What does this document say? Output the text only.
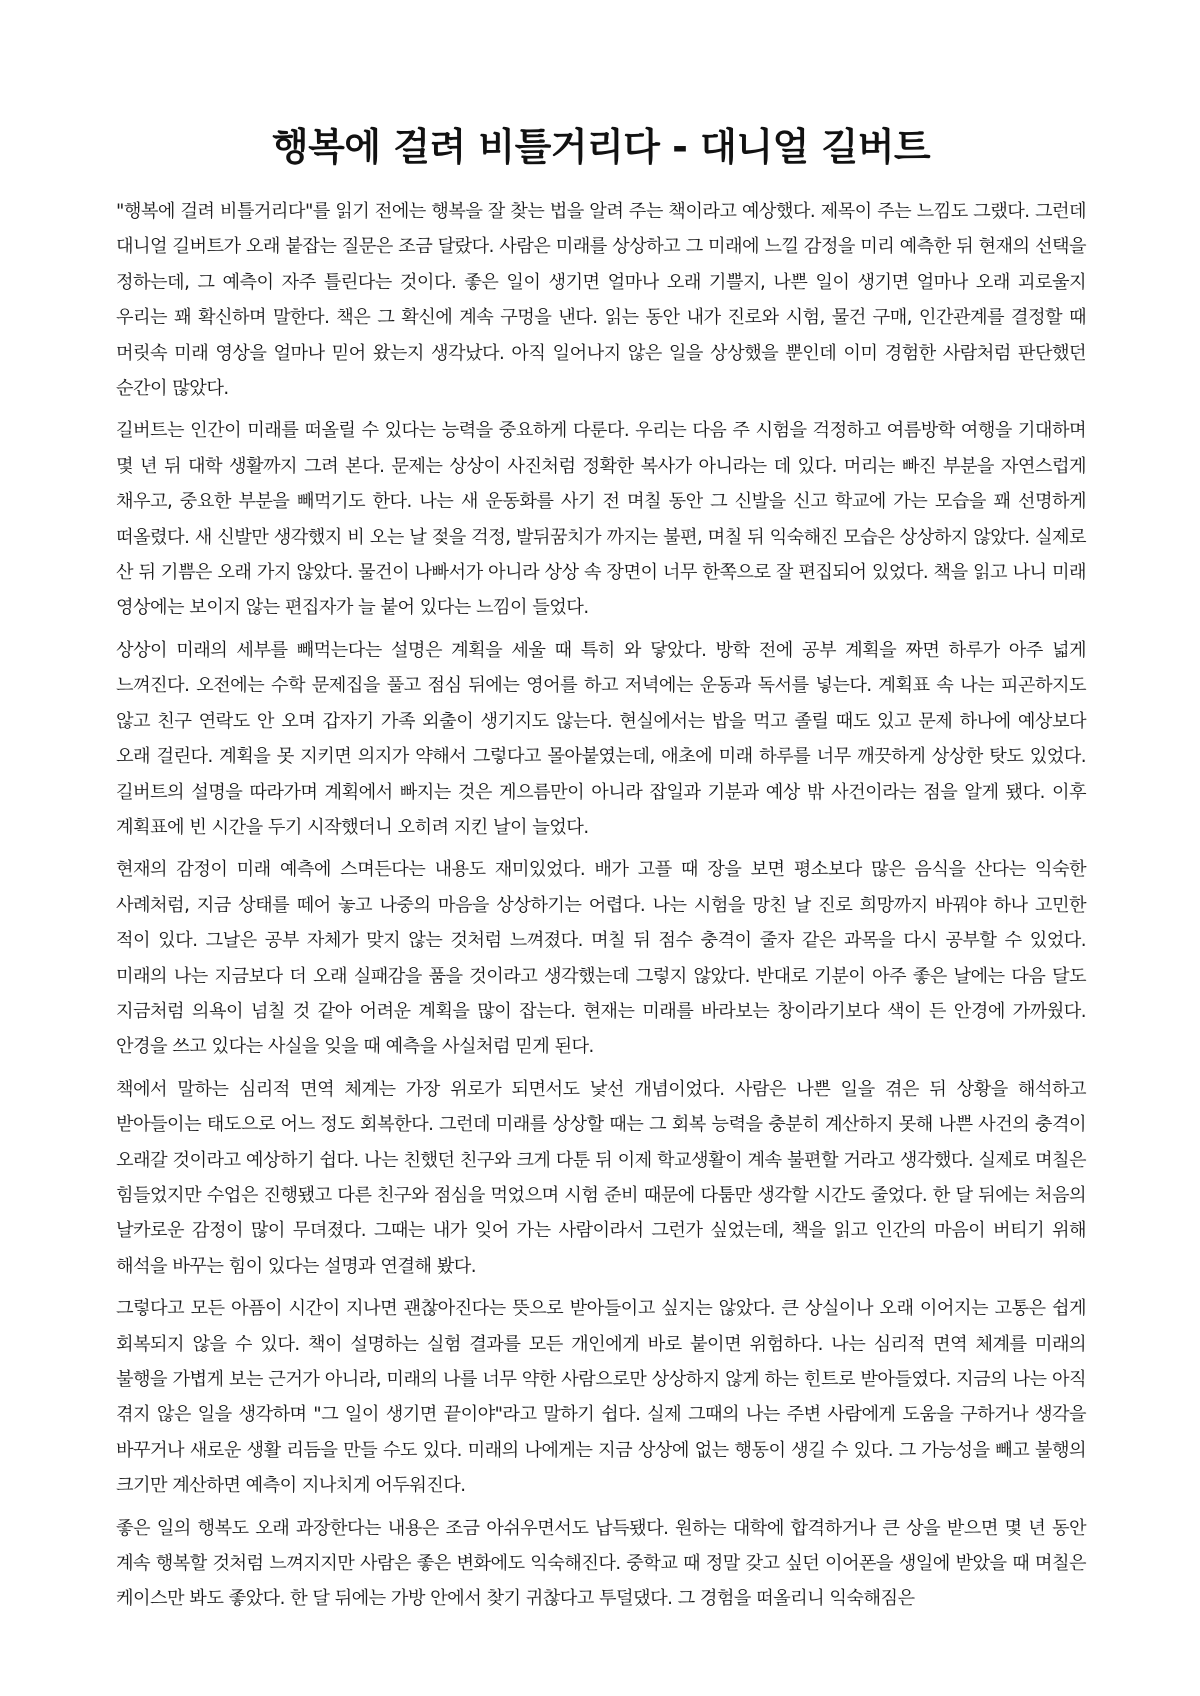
행복에 걸려 비틀거리다 - 대니얼 길버트

"행복에 걸려 비틀거리다"를 읽기 전에는 행복을 잘 찾는 법을 알려 주는 책이라고 예상했다. 제목이 주는 느낌도 그랬다. 그런데 대니얼 길버트가 오래 붙잡는 질문은 조금 달랐다. 사람은 미래를 상상하고 그 미래에 느낄 감정을 미리 예측한 뒤 현재의 선택을 정하는데, 그 예측이 자주 틀린다는 것이다. 좋은 일이 생기면 얼마나 오래 기쁠지, 나쁜 일이 생기면 얼마나 오래 괴로울지 우리는 꽤 확신하며 말한다. 책은 그 확신에 계속 구멍을 낸다. 읽는 동안 내가 진로와 시험, 물건 구매, 인간관계를 결정할 때 머릿속 미래 영상을 얼마나 믿어 왔는지 생각났다. 아직 일어나지 않은 일을 상상했을 뿐인데 이미 경험한 사람처럼 판단했던 순간이 많았다.

길버트는 인간이 미래를 떠올릴 수 있다는 능력을 중요하게 다룬다. 우리는 다음 주 시험을 걱정하고 여름방학 여행을 기대하며 몇 년 뒤 대학 생활까지 그려 본다. 문제는 상상이 사진처럼 정확한 복사가 아니라는 데 있다. 머리는 빠진 부분을 자연스럽게 채우고, 중요한 부분을 빼먹기도 한다. 나는 새 운동화를 사기 전 며칠 동안 그 신발을 신고 학교에 가는 모습을 꽤 선명하게 떠올렸다. 새 신발만 생각했지 비 오는 날 젖을 걱정, 발뒤꿈치가 까지는 불편, 며칠 뒤 익숙해진 모습은 상상하지 않았다. 실제로 산 뒤 기쁨은 오래 가지 않았다. 물건이 나빠서가 아니라 상상 속 장면이 너무 한쪽으로 잘 편집되어 있었다. 책을 읽고 나니 미래 영상에는 보이지 않는 편집자가 늘 붙어 있다는 느낌이 들었다.

상상이 미래의 세부를 빼먹는다는 설명은 계획을 세울 때 특히 와 닿았다. 방학 전에 공부 계획을 짜면 하루가 아주 넓게 느껴진다. 오전에는 수학 문제집을 풀고 점심 뒤에는 영어를 하고 저녁에는 운동과 독서를 넣는다. 계획표 속 나는 피곤하지도 않고 친구 연락도 안 오며 갑자기 가족 외출이 생기지도 않는다. 현실에서는 밥을 먹고 졸릴 때도 있고 문제 하나에 예상보다 오래 걸린다. 계획을 못 지키면 의지가 약해서 그렇다고 몰아붙였는데, 애초에 미래 하루를 너무 깨끗하게 상상한 탓도 있었다. 길버트의 설명을 따라가며 계획에서 빠지는 것은 게으름만이 아니라 잡일과 기분과 예상 밖 사건이라는 점을 알게 됐다. 이후 계획표에 빈 시간을 두기 시작했더니 오히려 지킨 날이 늘었다.

현재의 감정이 미래 예측에 스며든다는 내용도 재미있었다. 배가 고플 때 장을 보면 평소보다 많은 음식을 산다는 익숙한 사례처럼, 지금 상태를 떼어 놓고 나중의 마음을 상상하기는 어렵다. 나는 시험을 망친 날 진로 희망까지 바꿔야 하나 고민한 적이 있다. 그날은 공부 자체가 맞지 않는 것처럼 느껴졌다. 며칠 뒤 점수 충격이 줄자 같은 과목을 다시 공부할 수 있었다. 미래의 나는 지금보다 더 오래 실패감을 품을 것이라고 생각했는데 그렇지 않았다. 반대로 기분이 아주 좋은 날에는 다음 달도 지금처럼 의욕이 넘칠 것 같아 어려운 계획을 많이 잡는다. 현재는 미래를 바라보는 창이라기보다 색이 든 안경에 가까웠다. 안경을 쓰고 있다는 사실을 잊을 때 예측을 사실처럼 믿게 된다.

책에서 말하는 심리적 면역 체계는 가장 위로가 되면서도 낯선 개념이었다. 사람은 나쁜 일을 겪은 뒤 상황을 해석하고 받아들이는 태도으로 어느 정도 회복한다. 그런데 미래를 상상할 때는 그 회복 능력을 충분히 계산하지 못해 나쁜 사건의 충격이 오래갈 것이라고 예상하기 쉽다. 나는 친했던 친구와 크게 다툰 뒤 이제 학교생활이 계속 불편할 거라고 생각했다. 실제로 며칠은 힘들었지만 수업은 진행됐고 다른 친구와 점심을 먹었으며 시험 준비 때문에 다툼만 생각할 시간도 줄었다. 한 달 뒤에는 처음의 날카로운 감정이 많이 무뎌졌다. 그때는 내가 잊어 가는 사람이라서 그런가 싶었는데, 책을 읽고 인간의 마음이 버티기 위해 해석을 바꾸는 힘이 있다는 설명과 연결해 봤다.

그렇다고 모든 아픔이 시간이 지나면 괜찮아진다는 뜻으로 받아들이고 싶지는 않았다. 큰 상실이나 오래 이어지는 고통은 쉽게 회복되지 않을 수 있다. 책이 설명하는 실험 결과를 모든 개인에게 바로 붙이면 위험하다. 나는 심리적 면역 체계를 미래의 불행을 가볍게 보는 근거가 아니라, 미래의 나를 너무 약한 사람으로만 상상하지 않게 하는 힌트로 받아들였다. 지금의 나는 아직 겪지 않은 일을 생각하며 "그 일이 생기면 끝이야"라고 말하기 쉽다. 실제 그때의 나는 주변 사람에게 도움을 구하거나 생각을 바꾸거나 새로운 생활 리듬을 만들 수도 있다. 미래의 나에게는 지금 상상에 없는 행동이 생길 수 있다. 그 가능성을 빼고 불행의 크기만 계산하면 예측이 지나치게 어두워진다.

좋은 일의 행복도 오래 과장한다는 내용은 조금 아쉬우면서도 납득됐다. 원하는 대학에 합격하거나 큰 상을 받으면 몇 년 동안 계속 행복할 것처럼 느껴지지만 사람은 좋은 변화에도 익숙해진다. 중학교 때 정말 갖고 싶던 이어폰을 생일에 받았을 때 며칠은 케이스만 봐도 좋았다. 한 달 뒤에는 가방 안에서 찾기 귀찮다고 투덜댔다. 그 경험을 떠올리니 익숙해짐은
